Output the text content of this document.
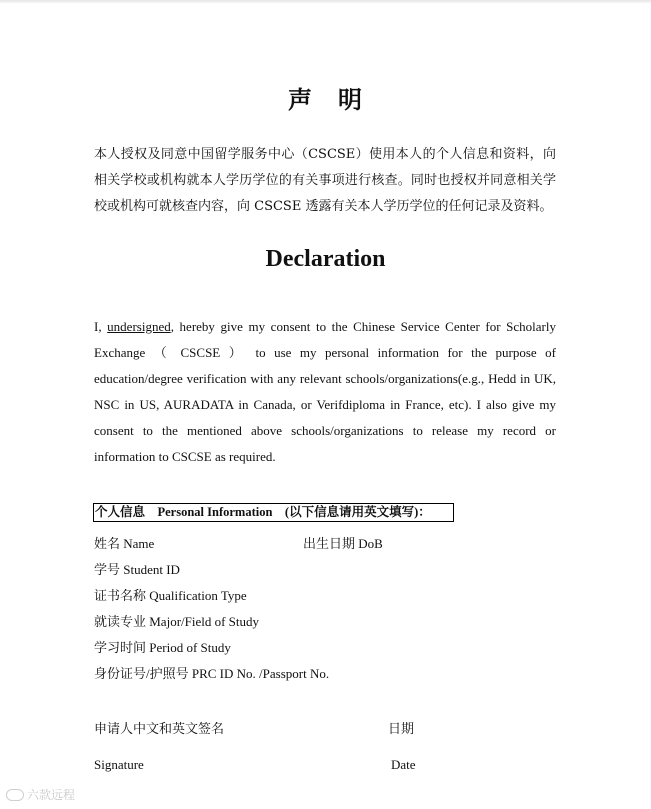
声　明

本人授权及同意中国留学服务中心（CSCSE）使用本人的个人信息和资料，向相关学校或机构就本人学历学位的有关事项进行核查。同时也授权并同意相关学校或机构可就核查内容，向 CSCSE 透露有关本人学历学位的任何记录及资料。

Declaration

I, undersigned, hereby give my consent to the Chinese Service Center for Scholarly Exchange （ CSCSE ） to use my personal information for the purpose of education/degree verification with any relevant schools/organizations(e.g., Hedd in UK, NSC in US, AURADATA in Canada, or Verifdiploma in France, etc). I also give my consent to the mentioned above schools/organizations to release my record or information to CSCSE as required.

个人信息　Personal Information　(以下信息请用英文填写)：
姓名 Name	出生日期 DoB
学号 Student ID
证书名称 Qualification Type
就读专业 Major/Field of Study
学习时间 Period of Study
身份证号/护照号 PRC ID No. /Passport No.
申请人中文和英文签名	日期
Signature	Date
六款远程
